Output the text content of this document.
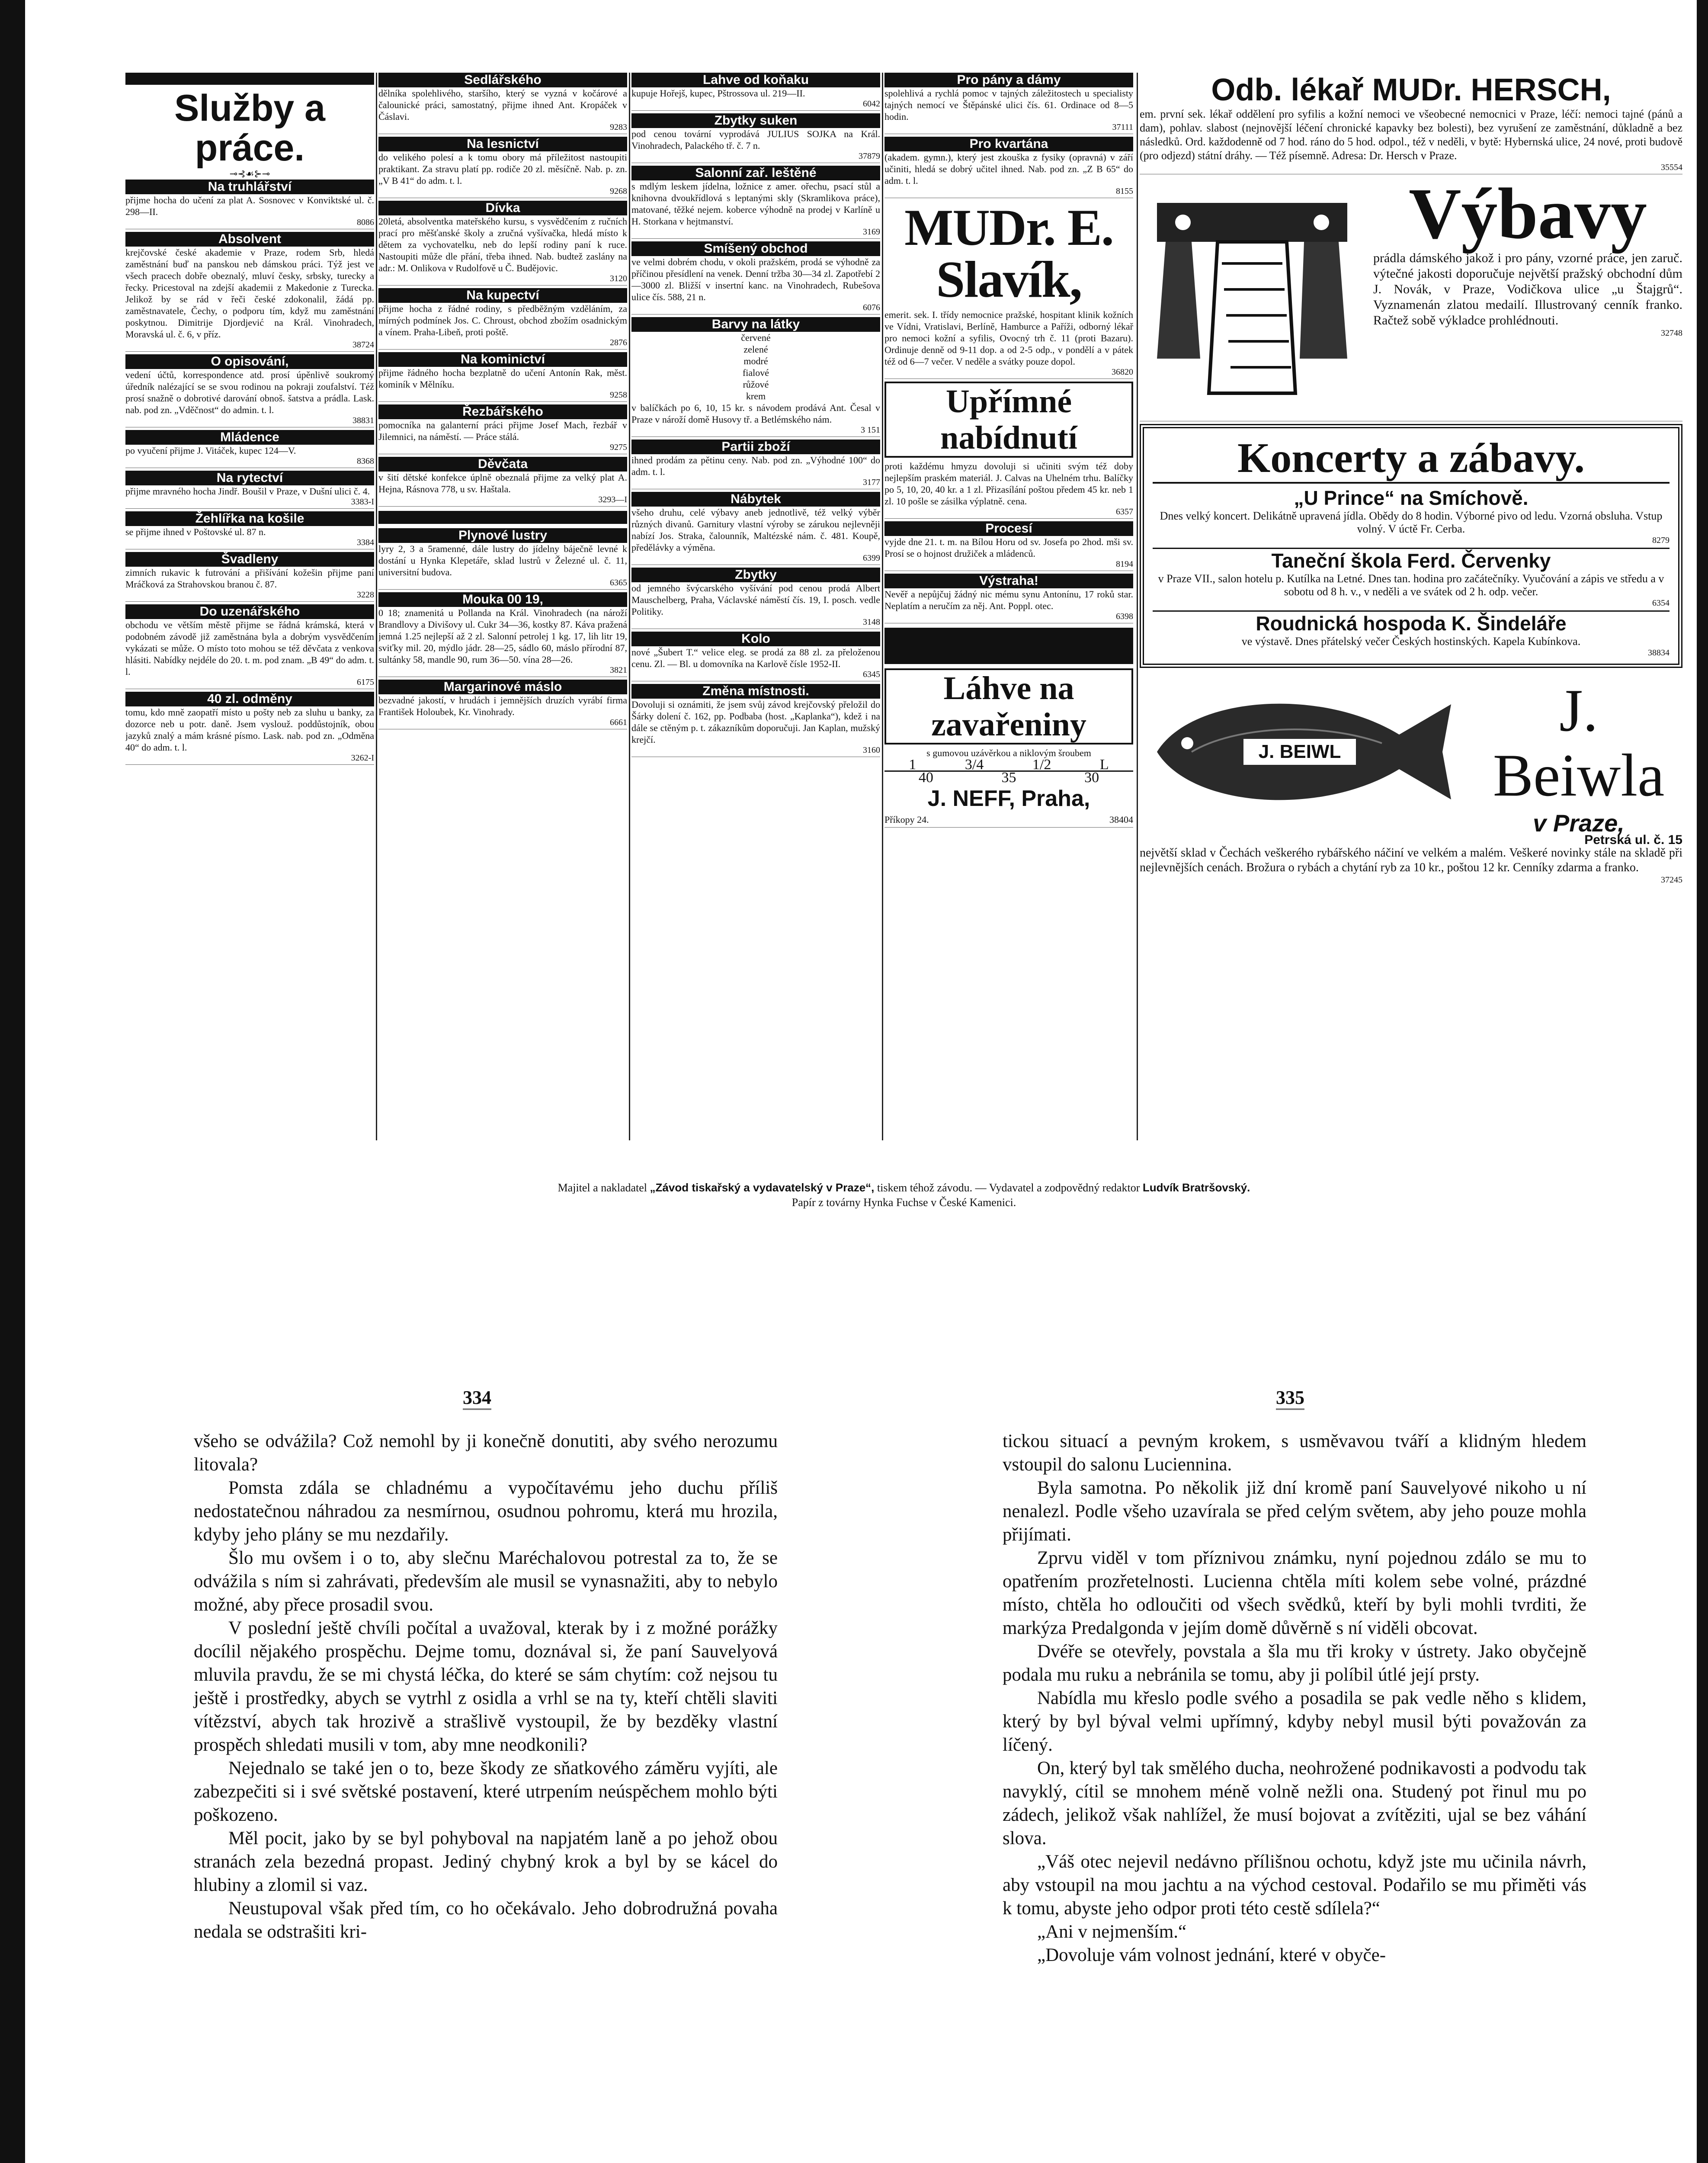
Služby a práce.
⊸⊰☙⊱⊸
Na truhlářství

přijme hocha do učení za plat A. Sosnovec v Konviktské ul. č. 298—II.

8086
Absolvent

krejčovské české akademie v Praze, rodem Srb, hledá zaměstnání buď na panskou neb dámskou práci. Týž jest ve všech pracech dobře obeznalý, mluví česky, srbsky, turecky a řecky. Pricestoval na zdejší akademii z Makedonie z Turecka. Jelikož by se rád v řeči české zdokonalil, žádá pp. zaměstnavatele, Čechy, o podporu tím, když mu zaměstnání poskytnou. Dimitrije Djordjević na Král. Vinohradech, Moravská ul. č. 6, v příz.

38724
O opisování,

vedení účtů, korrespondence atd. prosí úpěnlivě soukromý úředník nalézající se se svou rodinou na pokraji zoufalství. Též prosí snažně o dobrotivé darování obnoš. šatstva a prádla. Lask. nab. pod zn. „Vděčnost“ do admin. t. l.

38831
Mládence

po vyučení přijme J. Vitáček, kupec 124—V.

8368
Na rytectví

přijme mravného hocha Jindř. Boušil v Praze, v Dušní ulici č. 4.

3383-I
Žehlířka na košile

se přijme ihned v Poštovské ul. 87 n.

3384
Švadleny

zimních rukavic k futrování a přišívání kožešin přijme paní Mráčková za Strahovskou branou č. 87.

3228
Do uzenářského

obchodu ve větším městě přijme se řádná krámská, která v podobném závodě již zaměstnána byla a dobrým vysvědčením vykázati se může. O místo toto mohou se též děvčata z venkova hlásiti. Nabídky nejdéle do 20. t. m. pod znam. „B 49“ do adm. t. l.

6175
40 zl. odměny

tomu, kdo mně zaopatří místo u pošty neb za sluhu u banky, za dozorce neb u potr. daně. Jsem vyslouž. poddůstojník, obou jazyků znalý a mám krásné písmo. Lask. nab. pod zn. „Odměna 40“ do adm. t. l.

3262-I
Sedlářského

dělníka spolehlivého, staršího, který se vyzná v kočárové a čalounické práci, samostatný, přijme ihned Ant. Kropáček v Čáslavi.

9283
Na lesnictví

do velikého polesí a k tomu obory má příležitost nastoupiti praktikant. Za stravu platí pp. rodiče 20 zl. měsíčně. Nab. p. zn. „V B 41“ do adm. t. l.

9268
Dívka

20letá, absolventka mateřského kursu, s vysvědčením z ručních prací pro měšťanské školy a zručná vyšívačka, hledá místo k dětem za vychovatelku, neb do lepší rodiny paní k ruce. Nastoupiti může dle přání, třeba ihned. Nab. budtež zaslány na adr.: M. Onlikova v Rudolfově u Č. Budějovic.

3120
Na kupectví

přijme hocha z řádné rodiny, s předběžným vzděláním, za mírných podmínek Jos. C. Chroust, obchod zbožím osadnickým a vínem. Praha-Libeň, proti poště.

2876
Na kominictví

přijme řádného hocha bezplatně do učení Antonín Rak, měst. kominík v Mělníku.

9258
Řezbářského

pomocníka na galanterní práci přijme Josef Mach, řezbář v Jilemnici, na náměstí. — Práce stálá.

9275
Děvčata

v šití dětské konfekce úplně obeznalá přijme za velký plat A. Hejna, Rásnova 778, u sv. Haštala.

3293—I
Plynové lustry

lyry 2, 3 a 5ramenné, dále lustry do jídelny báječně levné k dostání u Hynka Klepetáře, sklad lustrů v Železné ul. č. 11, universitní budova.

6365
Mouka 00 19,

0 18; znamenitá u Pollanda na Král. Vinohradech (na nároží Brandlovy a Divišovy ul. Cukr 34—36, kostky 87. Káva pražená jemná 1.25 nejlepší až 2 zl. Salonní petrolej 1 kg. 17, lih litr 19, sviťky mil. 20, mýdlo jádr. 28—25, sádlo 60, máslo přírodní 87, sultánky 58, mandle 90, rum 36—50. vína 28—26.

3821
Margarinové máslo

bezvadné jakostí, v hrudách i jemnějších druzích vyrábí firma František Holoubek, Kr. Vinohrady.

6661
Lahve od koňaku

kupuje Hořejš, kupec, Pštrossova ul. 219—II.

6042
Zbytky suken

pod cenou tovární vyprodává JULIUS SOJKA na Král. Vinohradech, Palackého tř. č. 7 n.

37879
Salonní zař. leštěné

s mdlým leskem jídelna, ložnice z amer. ořechu, psací stůl a knihovna dvoukřídlová s leptanými skly (Skramlikova práce), matované, těžké nejem. koberce výhodně na prodej v Karlíně u H. Storkana v hejtmanství.

3169
Smíšený obchod

ve velmi dobrém chodu, v okoli pražském, prodá se výhodně za příčinou přesídlení na venek. Denní tržba 30—34 zl. Zapotřebí 2—3000 zl. Bližší v insertní kanc. na Vinohradech, Rubešova ulice čís. 588, 21 n.

6076
Barvy na látky

červené

zelené

modré

fialové

růžové

krem

v balíčkách po 6, 10, 15 kr. s návodem prodává Ant. Česal v Praze v nároží domě Husovy tř. a Betlémského nám.

3 151
Partii zboží

ihned prodám za pětinu ceny. Nab. pod zn. „Výhodné 100“ do adm. t. l.

3177
Nábytek

všeho druhu, celé výbavy aneb jednotlivě, též velký výběr různých divanů. Garnitury vlastní výroby se zárukou nejlevněji nabízí Jos. Straka, čalounník, Maltézské nám. č. 481. Koupě, předělávky a výměna.

6399
Zbytky

od jemného švýcarského vyšívání pod cenou prodá Albert Mauschelberg, Praha, Václavské náměstí čís. 19, I. posch. vedle Politiky.

3148
Kolo

nové „Šubert T.“ velice eleg. se prodá za 88 zl. za přeloženou cenu. Zl. — Bl. u domovníka na Karlově čísle 1952-II.

6345
Změna místnosti.

Dovoluji si oznámiti, že jsem svůj závod krejčovský přeložil do Šárky dolení č. 162, pp. Podbaba (host. „Kaplanka“), kdež i na dále se ctěným p. t. zákazníkům doporučuji. Jan Kaplan, mužský krejčí.

3160
Pro pány a dámy

spolehlivá a rychlá pomoc v tajných záležitostech u specialisty tajných nemocí ve Štěpánské ulici čís. 61. Ordinace od 8—5 hodin.

37111
Pro kvartána

(akadem. gymn.), který jest zkouška z fysiky (opravná) v září učiniti, hledá se dobrý učitel ihned. Nab. pod zn. „Z B 65“ do adm. t. l.

8155
MUDr. E. Slavík,

emerit. sek. I. třídy nemocnice pražské, hospitant klinik kožních ve Vídni, Vratislavi, Berlíně, Hamburce a Paříži, odborný lékař pro nemoci kožní a syfilis, Ovocný trh č. 11 (proti Bazaru). Ordinuje denně od 9-11 dop. a od 2-5 odp., v pondělí a v pátek též od 6—7 večer. V neděle a svátky pouze dopol.

36820
Upřímné nabídnutí

proti každému hmyzu dovoluji si učiniti svým též doby nejlepším praském materiál. J. Calvas na Uhelném trhu. Balíčky po 5, 10, 20, 40 kr. a 1 zl. Přizasílání poštou předem 45 kr. neb 1 zl. 10 pošle se zásilka výplatně. cena.

6357
Procesí

vyjde dne 21. t. m. na Bílou Horu od sv. Josefa po 2hod. mši sv. Prosí se o hojnost družiček a mládenců.

8194
Výstraha!

Nevěř a nepůjčuj žádný nic mému synu Antonínu, 17 roků star. Neplatím a neručím za něj. Ant. Poppl. otec.

6398
Láhve na zavařeniny

s gumovou uzávěrkou a niklovým šroubem

1	3/4	1/2	L
40	35	30
J. NEFF, Praha,
Příkopy 24.	38404
Odb. lékař MUDr. HERSCH,

em. první sek. lékař oddělení pro syfilis a kožní nemoci ve všeobecné nemocnici v Praze, léčí: nemoci tajné (pánů a dam), pohlav. slabost (nejnovější léčení chronické kapavky bez bolesti), bez vyrušení ze zaměstnání, důkladně a bez následků. Ord. každodenně od 7 hod. ráno do 5 hod. odpol., též v neděli, v bytě: Hybernská ulice, 24 nové, proti budově (pro odjezd) státní dráhy. — Též písemně. Adresa: Dr. Hersch v Praze.

35554
Výbavy

prádla dámského jakož i pro pány, vzorné práce, jen zaruč. výtečné jakosti doporučuje největší pražský obchodní dům J. Novák, v Praze, Vodičkova ulice „u Štajgrů“. Vyznamenán zlatou medailí. Illustrovaný cenník franko. Račtež sobě výkladce prohlédnouti.

32748
Koncerty a zábavy.
„U Prince“ na Smíchově.

Dnes velký koncert. Delikátně upravená jídla. Obědy do 8 hodin. Výborné pivo od ledu. Vzorná obsluha. Vstup volný. V úctě Fr. Cerba.

8279
Taneční škola Ferd. Červenky

v Praze VII., salon hotelu p. Kutílka na Letné. Dnes tan. hodina pro začátečníky. Vyučování a zápis ve středu a v sobotu od 8 h. v., v neděli a ve svátek od 2 h. odp. večer.

6354
Roudnická hospoda K. Šindeláře

ve výstavě. Dnes přátelský večer Českých hostinských. Kapela Kubínkova.

38834
J. BEIWL
J. Beiwla
v Praze,
Petrská ul. č. 15

největší sklad v Čechách veškerého rybářského náčiní ve velkém a malém. Veškeré novinky stále na skladě při nejlevnějších cenách. Brožura o rybách a chytání ryb za 10 kr., poštou 12 kr. Cenníky zdarma a franko.

37245
Majitel a nakladatel „Závod tiskařský a vydavatelský v Praze“, tiskem téhož závodu. — Vydavatel a zodpovědný redaktor Ludvík Bratršovský.
Papír z továrny Hynka Fuchse v České Kamenici.
334	335

všeho se odvážila? Což nemohl by ji konečně donutiti, aby svého nerozumu litovala?

Pomsta zdála se chladnému a vypočítavému jeho duchu příliš nedostatečnou náhradou za nesmírnou, osudnou pohromu, která mu hrozila, kdyby jeho plány se mu nezdařily.

Šlo mu ovšem i o to, aby slečnu Maréchalovou potrestal za to, že se odvážila s ním si zahrávati, především ale musil se vynasnažiti, aby to nebylo možné, aby přece prosadil svou.

V poslední ještě chvíli počítal a uvažoval, kterak by i z možné porážky docílil nějakého prospěchu. Dejme tomu, doznával si, že paní Sauvelyová mluvila pravdu, že se mi chystá léčka, do které se sám chytím: což nejsou tu ještě i prostředky, abych se vytrhl z osidla a vrhl se na ty, kteří chtěli slaviti vítězství, abych tak hrozivě a strašlivě vystoupil, že by bezděky vlastní prospěch shledati musili v tom, aby mne neodkonili?

Nejednalo se také jen o to, beze škody ze sňatkového záměru vyjíti, ale zabezpečiti si i své světské postavení, které utrpením neúspěchem mohlo býti poškozeno.

Měl pocit, jako by se byl pohyboval na napjatém laně a po jehož obou stranách zela bezedná propast. Jediný chybný krok a byl by se kácel do hlubiny a zlomil si vaz.

Neustupoval však před tím, co ho očekávalo. Jeho dobrodružná povaha nedala se odstrašiti kri-

tickou situací a pevným krokem, s usměvavou tváří a klidným hledem vstoupil do salonu Luciennina.

Byla samotna. Po několik již dní kromě paní Sauvelyové nikoho u ní nenalezl. Podle všeho uzavírala se před celým světem, aby jeho pouze mohla přijímati.

Zprvu viděl v tom příznivou známku, nyní pojednou zdálo se mu to opatřením prozřetelnosti. Lucienna chtěla míti kolem sebe volné, prázdné místo, chtěla ho odloučiti od všech svědků, kteří by byli mohli tvrditi, že markýza Predalgonda v jejím domě důvěrně s ní viděli obcovat.

Dvéře se otevřely, povstala a šla mu tři kroky v ústrety. Jako obyčejně podala mu ruku a nebránila se tomu, aby ji políbil útlé její prsty.

Nabídla mu křeslo podle svého a posadila se pak vedle něho s klidem, který by byl býval velmi upřímný, kdyby nebyl musil býti považován za líčený.

On, který byl tak smělého ducha, neohrožené podnikavosti a podvodu tak navyklý, cítil se mnohem méně volně nežli ona. Studený pot řinul mu po zádech, jelikož však nahlížel, že musí bojovat a zvítěziti, ujal se bez váhání slova.

„Váš otec nejevil nedávno přílišnou ochotu, když jste mu učinila návrh, aby vstoupil na mou jachtu a na východ cestoval. Podařilo se mu přiměti vás k tomu, abyste jeho odpor proti této cestě sdílela?“

„Ani v nejmenším.“

„Dovoluje vám volnost jednání, které v obyče-
